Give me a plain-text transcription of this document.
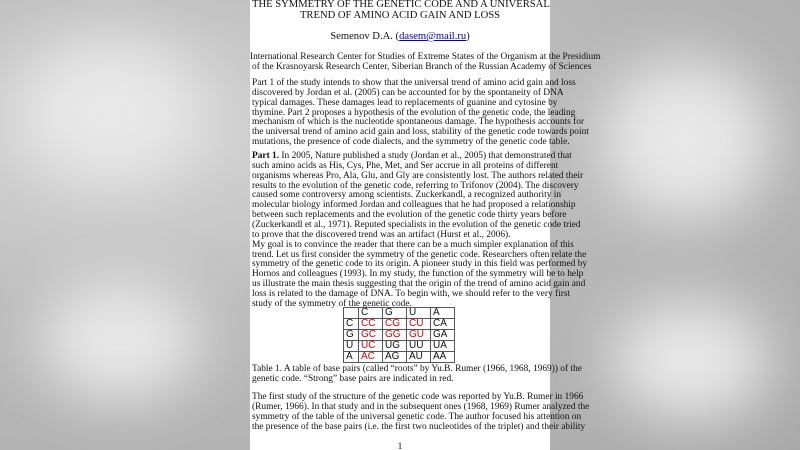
THE SYMMETRY OF THE GENETIC CODE AND A UNIVERSAL
TREND OF AMINO ACID GAIN AND LOSS
Semenov D.A. (dasem@mail.ru)
International Research Center for Studies of Extreme States of the Organism at the Presidium
of the Krasnoyarsk Research Center, Siberian Branch of the Russian Academy of Sciences
Part 1 of the study intends to show that the universal trend of amino acid gain and loss
discovered by Jordan et al. (2005) can be accounted for by the spontaneity of DNA
typical damages. These damages lead to replacements of guanine and cytosine by
thymine. Part 2 proposes a hypothesis of the evolution of the genetic code, the leading
mechanism of which is the nucleotide spontaneous damage. The hypothesis accounts for
the universal trend of amino acid gain and loss, stability of the genetic code towards point
mutations, the presence of code dialects, and the symmetry of the genetic code table.
Part 1. In 2005, Nature published a study (Jordan et al., 2005) that demonstrated that
such amino acids as His, Cys, Phe, Met, and Ser accrue in all proteins of different
organisms whereas Pro, Ala, Glu, and Gly are consistently lost. The authors related their
results to the evolution of the genetic code, referring to Trifonov (2004). The discovery
caused some controversy among scientists. Zuckerkandl, a recognized authority in
molecular biology informed Jordan and colleagues that he had proposed a relationship
between such replacements and the evolution of the genetic code thirty years before
(Zuckerkandl et al., 1971). Reputed specialists in the evolution of the genetic code tried
to prove that the discovered trend was an artifact (Hurst et al., 2006).
My goal is to convince the reader that there can be a much simpler explanation of this
trend. Let us first consider the symmetry of the genetic code. Researchers often relate the
symmetry of the genetic code to its origin. A pioneer study in this field was performed by
Hornos and colleagues (1993). In my study, the function of the symmetry will be to help
us illustrate the main thesis suggesting that the origin of the trend of amino acid gain and
loss is related to the damage of DNA. To begin with, we should refer to the very first
study of the symmetry of the genetic code.
	C	G	U	A
C	CC	CG	CU	CA
G	GC	GG	GU	GA
U	UC	UG	UU	UA
A	AC	AG	AU	AA
Table 1. A table of base pairs (called “roots” by Yu.B. Rumer (1966, 1968, 1969)) of the
genetic code. “Strong” base pairs are indicated in red.
The first study of the structure of the genetic code was reported by Yu.B. Rumer in 1966
(Rumer, 1966). In that study and in the subsequent ones (1968, 1969) Rumer analyzed the
symmetry of the table of the universal genetic code. The author focused his attention on
the presence of the base pairs (i.e. the first two nucleotides of the triplet) and their ability
1
